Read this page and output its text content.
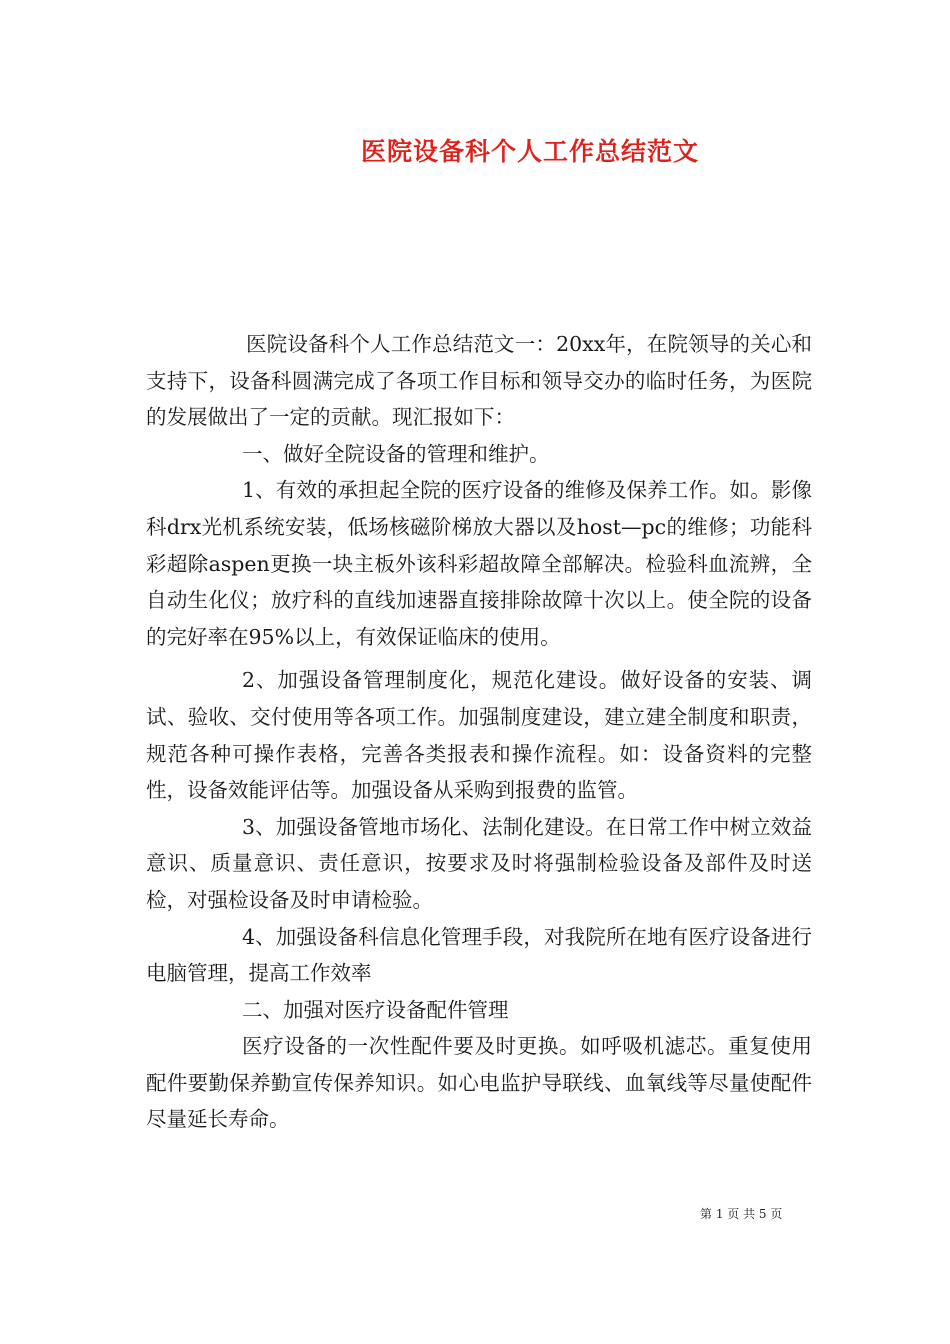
医院设备科个人工作总结范文

医院设备科个人工作总结范文一：20xx年，在院领导的关心和支持下，设备科圆满完成了各项工作目标和领导交办的临时任务，为医院的发展做出了一定的贡献。现汇报如下：

一、做好全院设备的管理和维护。

1、有效的承担起全院的医疗设备的维修及保养工作。如。影像科drx光机系统安装，低场核磁阶梯放大器以及host—pc的维修；功能科彩超除aspen更换一块主板外该科彩超故障全部解决。检验科血流辨，全自动生化仪；放疗科的直线加速器直接排除故障十次以上。使全院的设备的完好率在95%以上，有效保证临床的使用。

2、加强设备管理制度化，规范化建设。做好设备的安装、调试、验收、交付使用等各项工作。加强制度建设，建立建全制度和职责，规范各种可操作表格，完善各类报表和操作流程。如：设备资料的完整性，设备效能评估等。加强设备从采购到报费的监管。

3、加强设备管地市场化、法制化建设。在日常工作中树立效益意识、质量意识、责任意识，按要求及时将强制检验设备及部件及时送检，对强检设备及时申请检验。

4、加强设备科信息化管理手段，对我院所在地有医疗设备进行电脑管理，提高工作效率

二、加强对医疗设备配件管理

医疗设备的一次性配件要及时更换。如呼吸机滤芯。重复使用配件要勤保养勤宣传保养知识。如心电监护导联线、血氧线等尽量使配件尽量延长寿命。

第 1 页 共 5 页
